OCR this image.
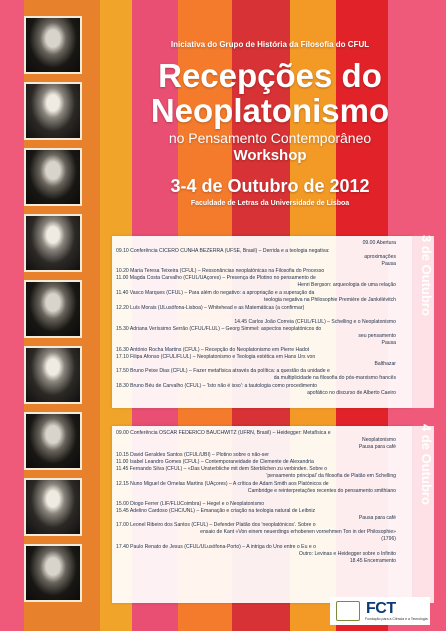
Iniciativa do Grupo de História da Filosofia do CFUL
Recepções do
Neoplatonismo
no Pensamento Contemporâneo
Workshop
3-4 de Outubro de 2012
Faculdade de Letras da Universidade de Lisboa
3 de Outubro
4 de Outubro
09.00 Abertura
09.10 Conferência CÍCERO CUNHA BEZERRA (UFSE, Brasil) – Derrida e a teologia negativa:
aproximações
Pausa
10.20 Maria Teresa Teixeira (CFUL) – Ressonâncias neoplatónicas na Filosofia do Processo
11.00 Magda Costa Carvalho (CFUL/UAçores) – Presença de Plotino no pensamento de
Henri Bergson: arqueologia de uma relação
11.40 Vasco Marques (CFUL) – Para além do negativo: a apropriação e a superação da
teologia negativa na Philosophie Première de Jankélévitch
12.20 Luís Morais (ULusófona-Lisboa) – Whitehead e as Matemáticas (a confirmar)
14.45 Carlos João Correia (CFUL/FLUL) – Schelling e o Neoplatonismo
15.30 Adriana Veríssimo Serrão (CFUL/FLUL) – Georg Simmel: aspectos neoplatónicos do
seu pensamento
Pausa
16.30 António Rocha Martins (CFUL) – Recepção do Neoplatonismo em Pierre Hadot
17.10 Filipa Afonso (CFUL/FLUL) – Neoplatonismo e Teologia estética em Hans Urs von
Balthazar
17.50 Bruno Peixe Dias (CFUL) – Fazer metafísica através da política: a questão da unidade e
da multiplicidade na filosofia do pós-marxismo francês
18.30 Bruno Béu de Carvalho (CFUL) – 'Isto não é isso': a tautologia como procedimento
apofático no discurso de Alberto Caeiro
09.00 Conferência OSCAR FEDERICO BAUCHWITZ (UFRN, Brasil) – Heidegger: Metafísica e
Neoplatonismo
Pausa para café
10.15 David Geraldes Santos (CFUL/UBI) – Plotino sobre o não-ser
11.00 Isabel Leandro Gomes (CFUL) – Contemporaneidade de Clemente de Alexandria
11.45 Fernando Silva (CFUL) – «Das Unsterbliche mit dem Sterblichen zu verbinden. Sobre o
'pensamento principal' da filosofia de Platão em Schelling
12.15 Nuno Miguel de Ornelas Martins (UAçores) – A crítica de Adam Smith aos Platónicos de
Cambridge e reinterpretações recentes do pensamento smithiano
15.00 Diogo Ferrer (LIF/FLUCoimbra) – Hegel e o Neoplatonismo
15.45 Adelino Cardoso (CHC/UNL) – Emanação e criação na teologia natural de Leibniz
Pausa para café
17.00 Leonel Ribeiro dos Santos (CFUL) – Defender Platão dos 'neoplatónicos'. Sobre o
ensaio de Kant «Von einem neuerdings erhobenen vornehmen Ton in der Philosophie»
(1796)
17.40 Paulo Renato de Jesus (CFUL/ULusófona-Porto) – A intriga do Uno entre o Eu e o
Outro: Levinas e Heidegger sobre o Infinito
18.45 Encerramento
FCT
Fundação para a Ciência e a Tecnologia
